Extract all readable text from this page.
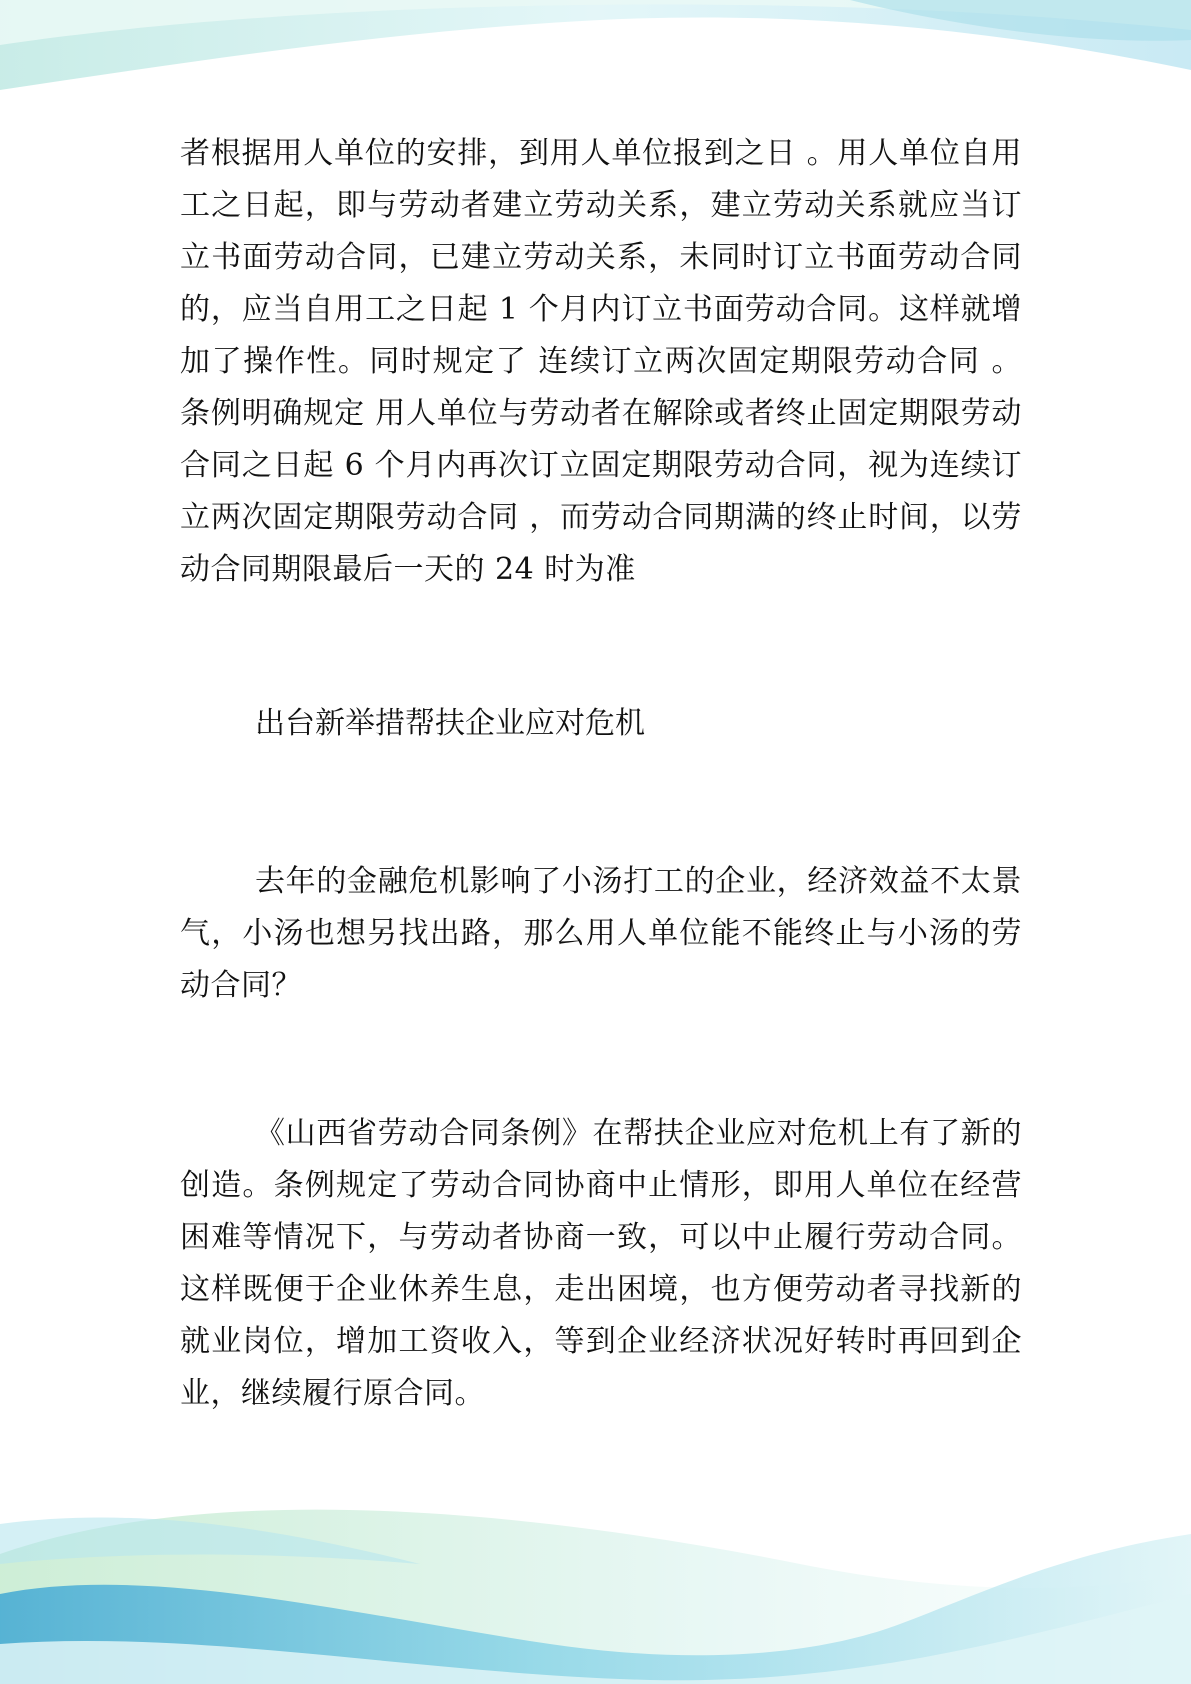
者根据用人单位的安排，到用人单位报到之日 。用人单位自用工之日起，即与劳动者建立劳动关系，建立劳动关系就应当订立书面劳动合同，已建立劳动关系，未同时订立书面劳动合同的，应当自用工之日起 1 个月内订立书面劳动合同。这样就增加了操作性。同时规定了 连续订立两次固定期限劳动合同 。条例明确规定 用人单位与劳动者在解除或者终止固定期限劳动合同之日起 6 个月内再次订立固定期限劳动合同，视为连续订立两次固定期限劳动合同 ，而劳动合同期满的终止时间，以劳动合同期限最后一天的 24 时为准

出台新举措帮扶企业应对危机

去年的金融危机影响了小汤打工的企业，经济效益不太景气，小汤也想另找出路，那么用人单位能不能终止与小汤的劳动合同？

《山西省劳动合同条例》在帮扶企业应对危机上有了新的创造。条例规定了劳动合同协商中止情形，即用人单位在经营困难等情况下，与劳动者协商一致，可以中止履行劳动合同。这样既便于企业休养生息，走出困境，也方便劳动者寻找新的就业岗位，增加工资收入，等到企业经济状况好转时再回到企业，继续履行原合同。
